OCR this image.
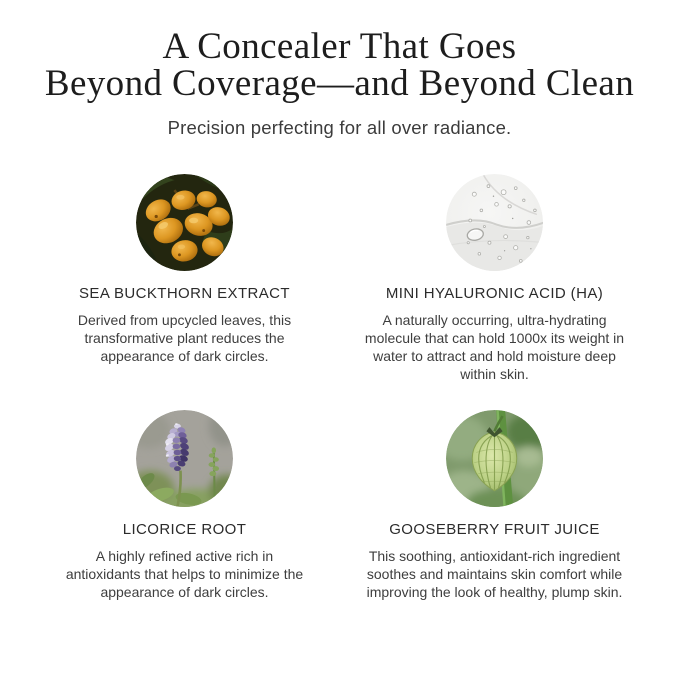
A Concealer That Goes
Beyond Coverage—and Beyond Clean

Precision perfecting for all over radiance.

SEA BUCKTHORN EXTRACT

Derived from upcycled leaves, this transformative plant reduces the appearance of dark circles.

MINI HYALURONIC ACID (HA)

A naturally occurring, ultra-hydrating molecule that can hold 1000x its weight in water to attract and hold moisture deep within skin.

LICORICE ROOT

A highly refined active rich in antioxidants that helps to minimize the appearance of dark circles.

GOOSEBERRY FRUIT JUICE

This soothing, antioxidant-rich ingredient soothes and maintains skin comfort while improving the look of healthy, plump skin.
